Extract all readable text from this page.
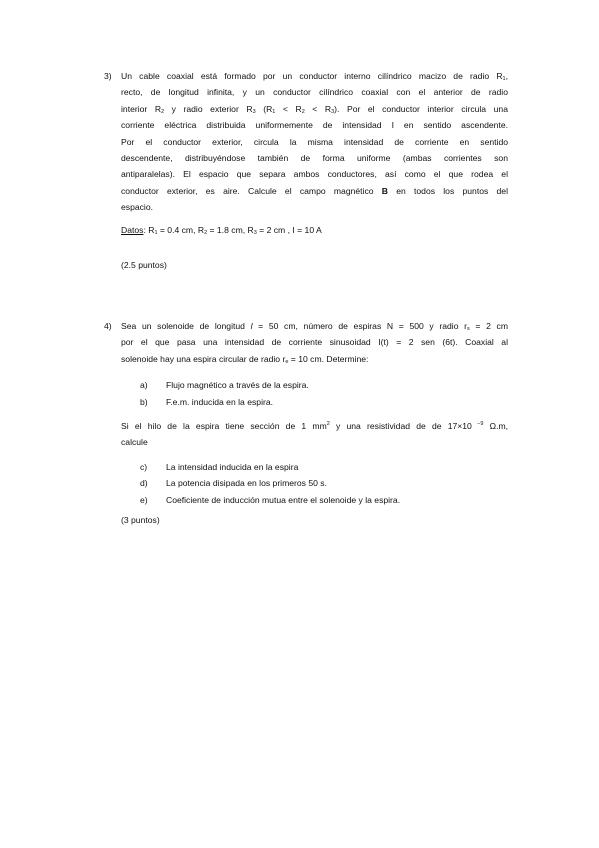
3) Un cable coaxial está formado por un conductor interno cilíndrico macizo de radio $R_1$,
recto, de longitud infinita, y un conductor cilíndrico coaxial con el anterior de radio
interior $R_2$ y radio exterior $R_3$ $(R_1 < R_2 < R_3)$. Por el conductor interior circula una
corriente eléctrica distribuida uniformemente de intensidad I en sentido ascendente.
Por el conductor exterior, circula la misma intensidad de corriente en sentido
descendente, distribuyéndose también de forma uniforme (ambas corrientes son
antiparalelas). El espacio que separa ambos conductores, así como el que rodea el
conductor exterior, es aire. Calcule el campo magnético B en todos los puntos del
espacio.
Datos: $R_1 = 0.4$ cm, $R_2 = 1.8$ cm, $R_3 = 2$ cm , I = 10 A
(2.5 puntos)
4) Sea un solenoide de longitud l = 50 cm, número de espiras N = 500 y radio $r_s = 2$ cm
por el que pasa una intensidad de corriente sinusoidad I(t) = 2 sen (6t). Coaxial al
solenoide hay una espira circular de radio $r_e = 10$ cm. Determine:
a) Flujo magnético a través de la espira.
b) F.e.m. inducida en la espira.
Si el hilo de la espira tiene sección de 1 $mm^2$ y una resistividad de de 17×10 $^{-9}$ Ω.m,
calcule
c) La intensidad inducida en la espira
d) La potencia disipada en los primeros 50 s.
e) Coeficiente de inducción mutua entre el solenoide y la espira.
(3 puntos)
